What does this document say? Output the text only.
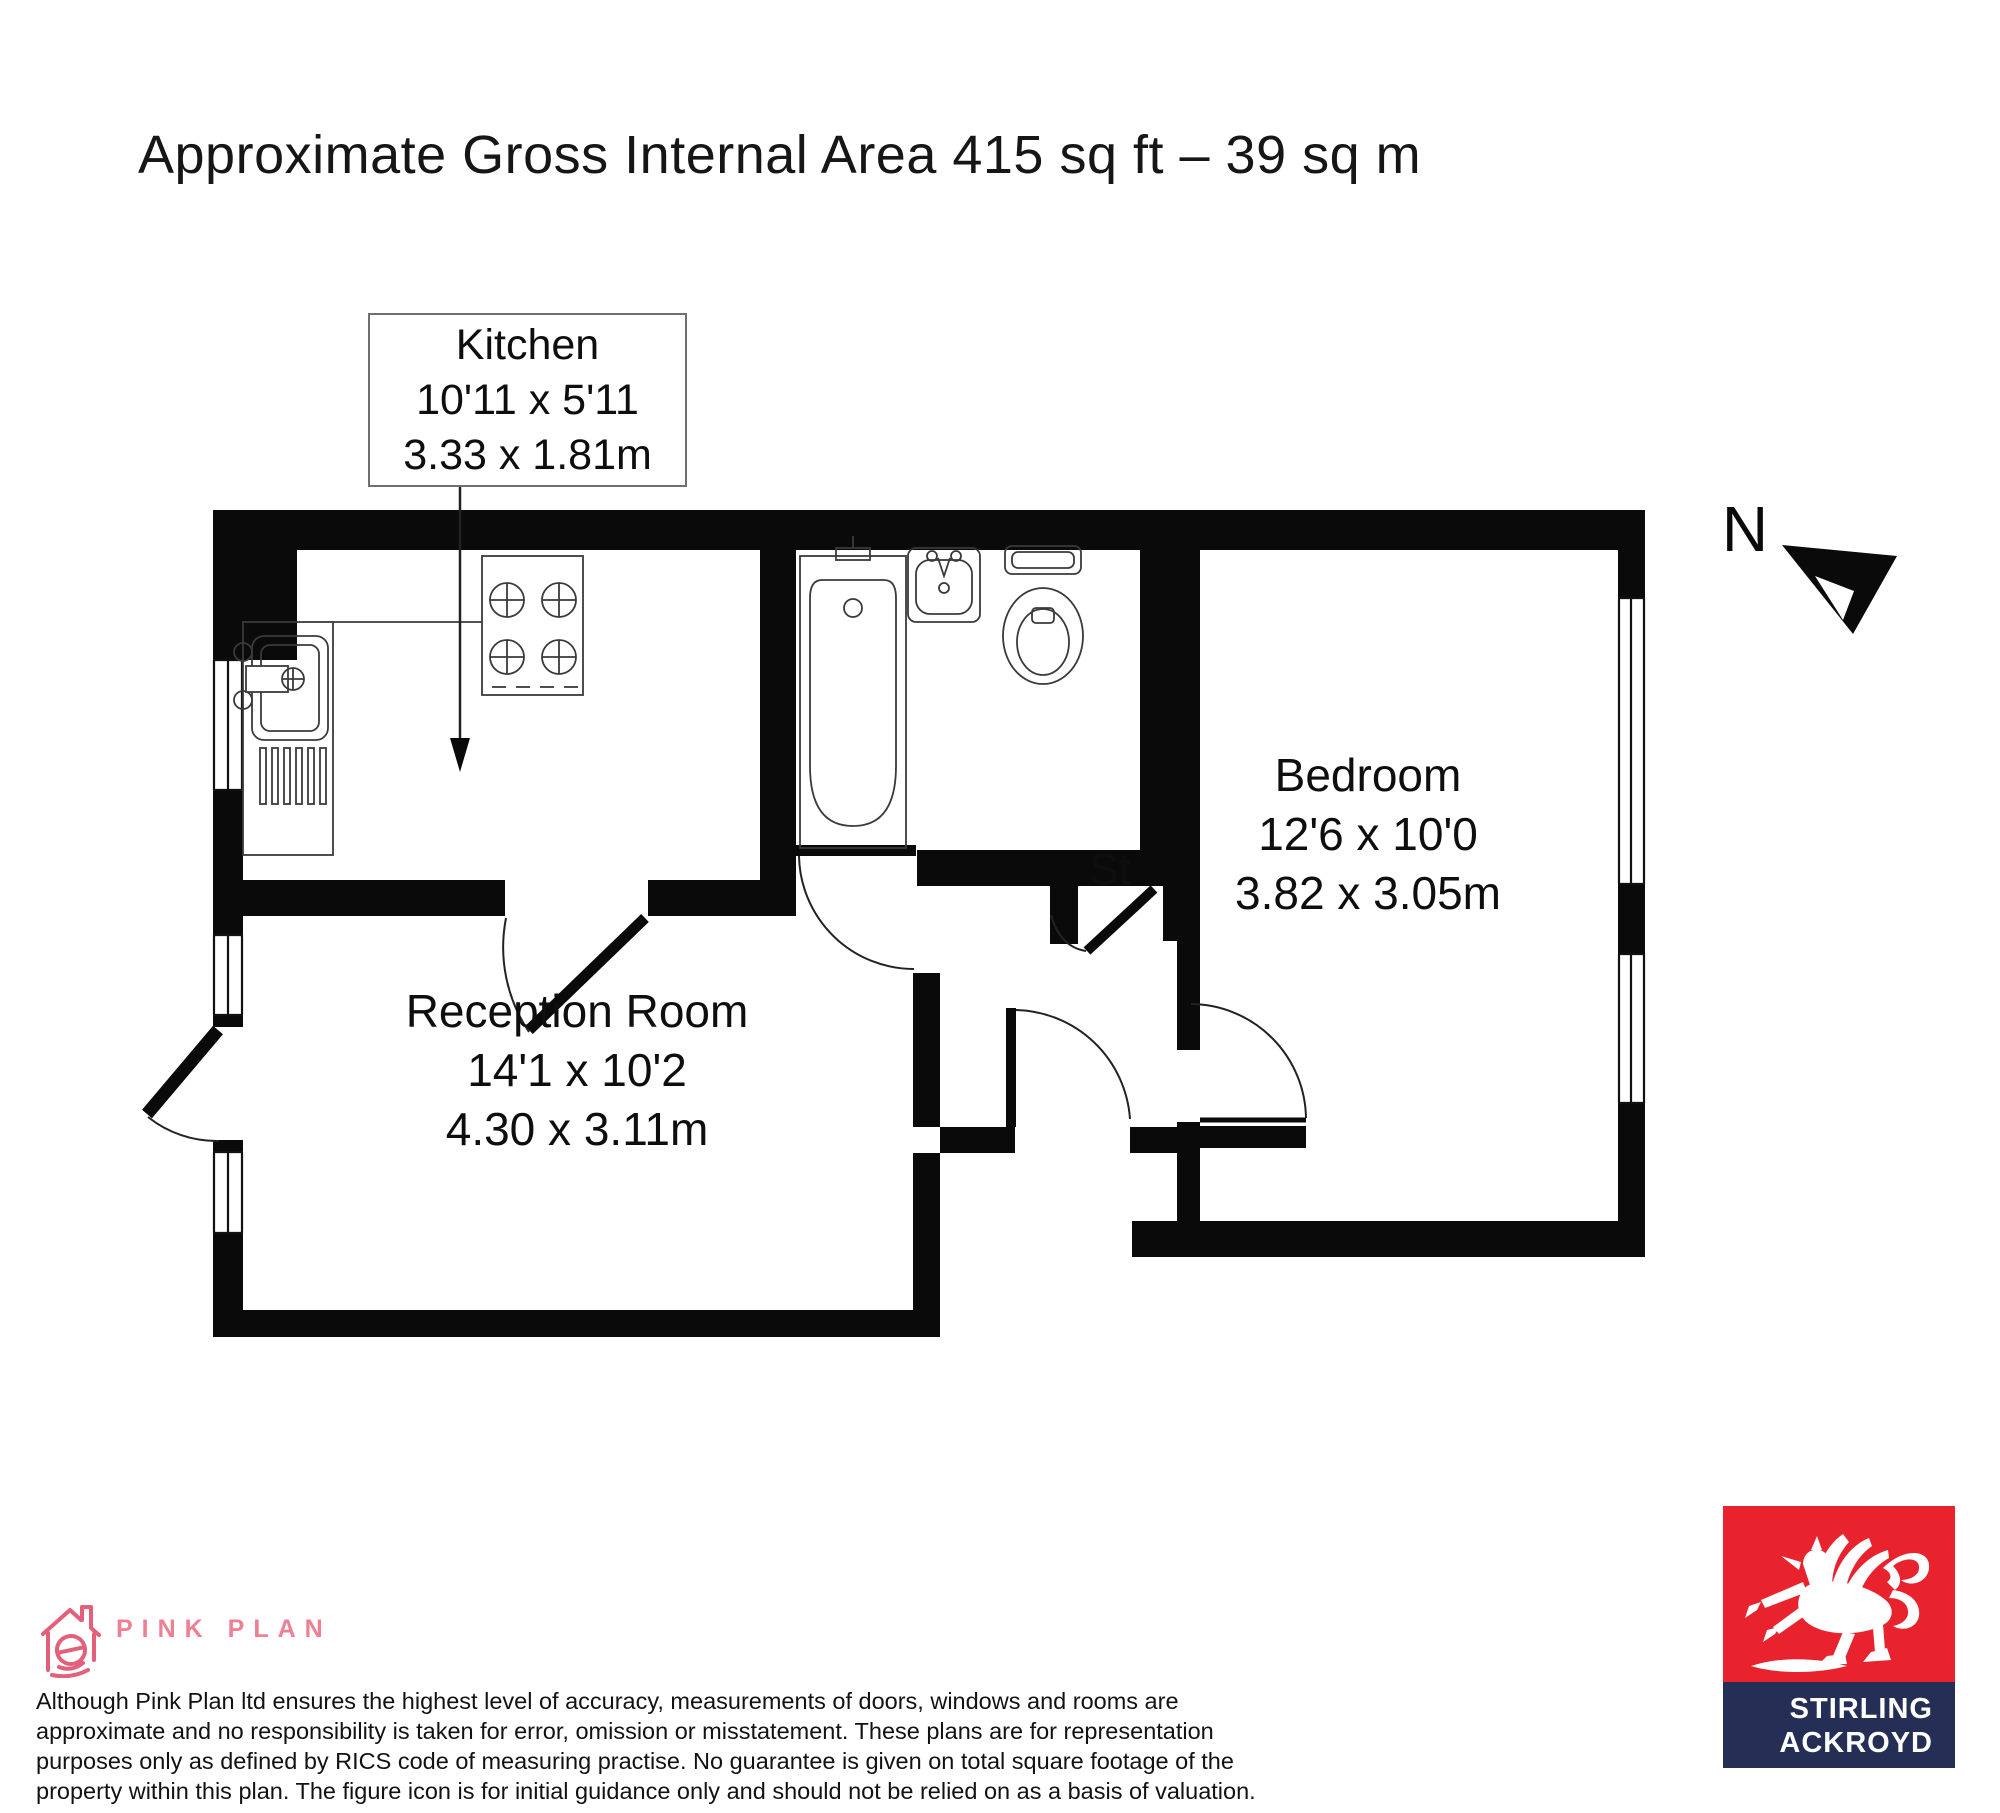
Approximate Gross Internal Area 415 sq ft – 39 sq m
Kitchen
10'11 x 5'11
3.33 x 1.81m
Reception Room
14'1 x 10'2
4.30 x 3.11m
Bedroom
12'6 x 10'0
3.82 x 3.05m
St
N
PINK PLAN
Although Pink Plan ltd ensures the highest level of accuracy, measurements of doors, windows and rooms are
approximate and no responsibility is taken for error, omission or misstatement. These plans are for representation
purposes only as defined by RICS code of measuring practise. No guarantee is given on total square footage of the
property within this plan. The figure icon is for initial guidance only and should not be relied on as a basis of valuation.
STIRLING
ACKROYD
